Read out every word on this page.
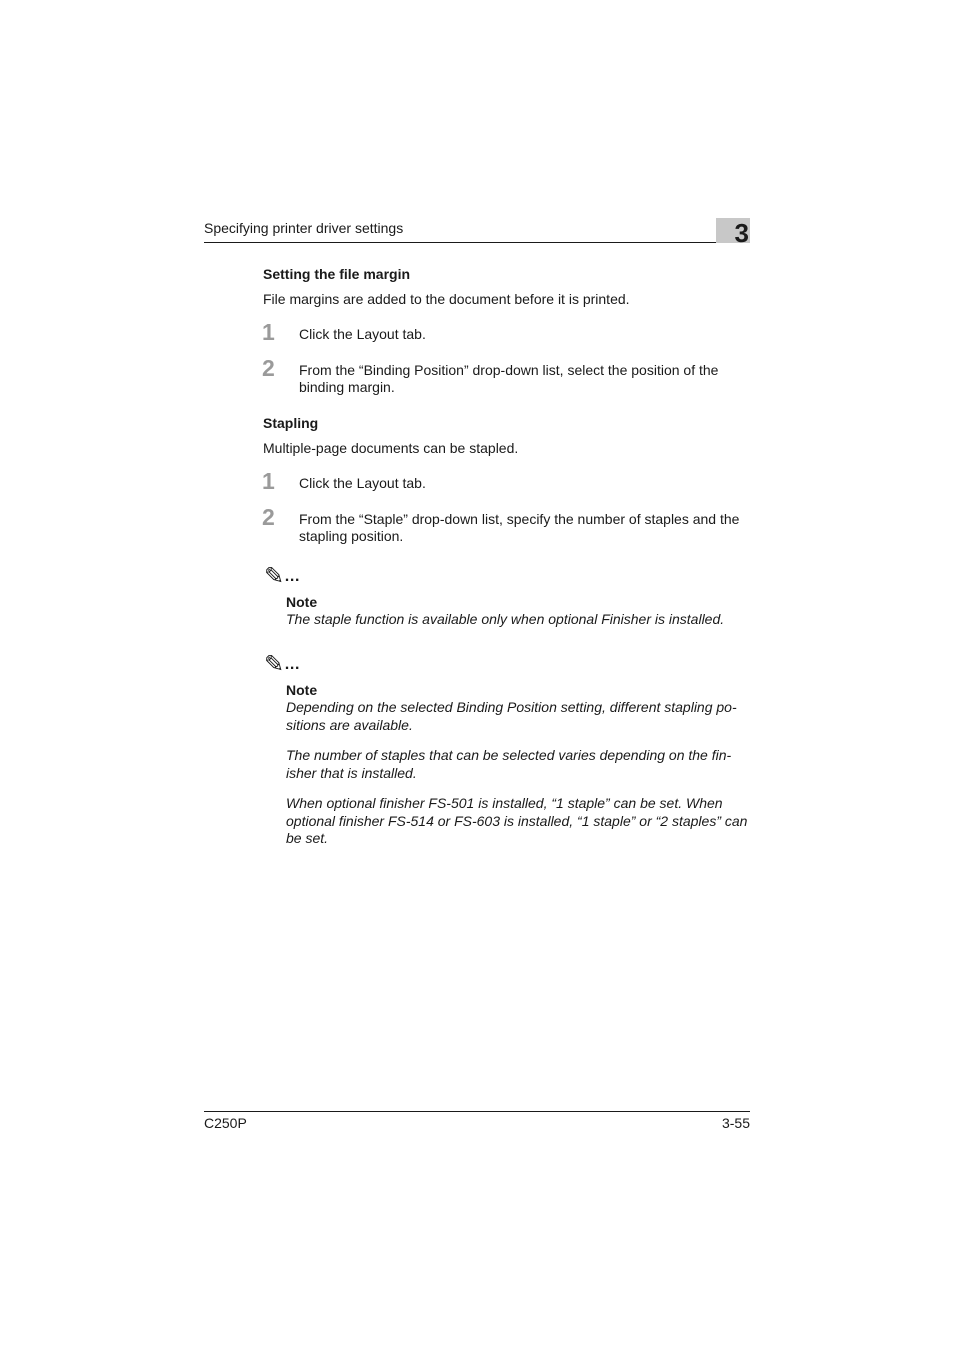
Specifying printer driver settings	3
Setting the file margin
File margins are added to the document before it is printed.
1 Click the Layout tab.
2 From the “Binding Position” drop-down list, select the position of the binding margin.
Stapling
Multiple-page documents can be stapled.
1 Click the Layout tab.
2 From the “Staple” drop-down list, specify the number of staples and the stapling position.
✎…
Note
The staple function is available only when optional Finisher is installed.
✎…
Note
Depending on the selected Binding Position setting, different stapling po-sitions are available.
The number of staples that can be selected varies depending on the fin-isher that is installed.
When optional finisher FS-501 is installed, “1 staple” can be set. When optional finisher FS-514 or FS-603 is installed, “1 staple” or “2 staples” can be set.
C250P	3-55
